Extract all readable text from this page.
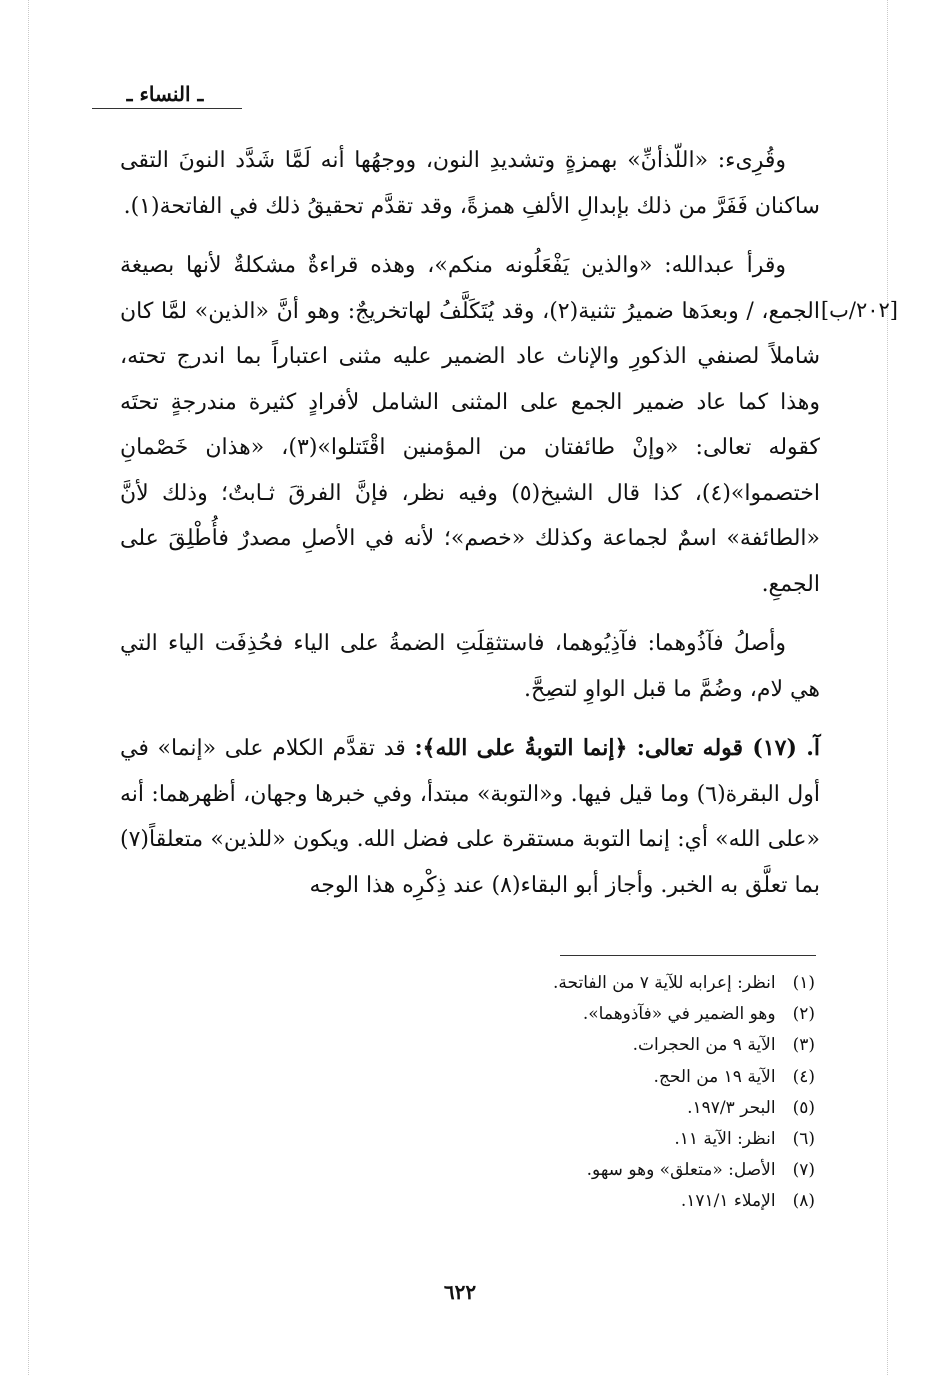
ـ النساء ـ

وقُرِىء: «اللّذأنِّ» بهمزةٍ وتشديدِ النون، ووجهُها أنه لَمَّا شَدَّد النونَ التقى ساكنان فَفَرَّ من ذلك بإبدالِ الألفِ همزةً، وقد تقدَّم تحقيقُ ذلك في الفاتحة(١).

[٢٠٢/ب]
وقرأ عبدالله: «والذين يَفْعَلُونه منكم»، وهذه قراءةٌ مشكلةٌ لأنها بصيغة الجمع، / وبعدَها ضميرُ تثنية(٢)، وقد يُتَكَلَّفُ لهاتخريجٌ: وهو أنَّ «الذين» لمَّا كان شاملاً لصنفي الذكورِ والإناث عاد الضمير عليه مثنى اعتباراً بما اندرج تحته، وهذا كما عاد ضمير الجمع على المثنى الشامل لأفرادٍ كثيرة مندرجةٍ تحتَه كقوله تعالى: «وإنْ طائفتان من المؤمنين اقْتَتلوا»(٣)، «هذان خَصْمانِ اختصموا»(٤)، كذا قال الشيخ(٥) وفيه نظر، فإنَّ الفرقَ ثـابتٌ؛ وذلك لأنَّ «الطائفة» اسمٌ لجماعة وكذلك «خصم»؛ لأنه في الأصلِ مصدرٌ فأُطْلِقَ على الجمعِ.

وأصلُ فآذُوهما: فآذِيُوهما، فاستثقِلَتِ الضمةُ على الياء فحُذِفَت الياء التي هي لام، وضُمَّ ما قبل الواوِ لتصِحَّ.

آ. (١٧) قوله تعالى: ﴿إنما التوبةُ على الله﴾: قد تقدَّم الكلام على «إنما» في أول البقرة(٦) وما قيل فيها. و«التوبة» مبتدأ، وفي خبرها وجهان، أظهرهما: أنه «على الله» أي: إنما التوبة مستقرة على فضل الله. ويكون «للذين» متعلقاً(٧) بما تعلَّق به الخبر. وأجاز أبو البقاء(٨) عند ذِكْرِه هذا الوجه

(١) انظر: إعرابه للآية ٧ من الفاتحة.
(٢) وهو الضمير في «فآذوهما».
(٣) الآية ٩ من الحجرات.
(٤) الآية ١٩ من الحج.
(٥) البحر ١٩٧/٣.
(٦) انظر: الآية ١١.
(٧) الأصل: «متعلق» وهو سهو.
(٨) الإملاء ١٧١/١.
٦٢٢
